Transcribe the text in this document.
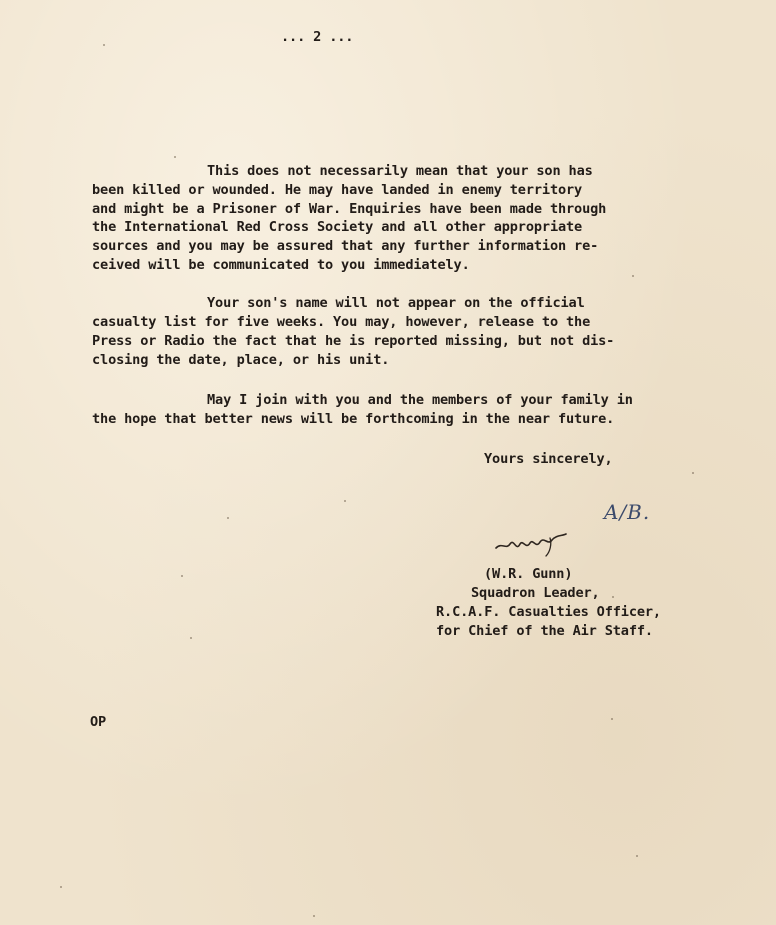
... 2 ...
This does not necessarily mean that your son has
been killed or wounded. He may have landed in enemy territory
and might be a Prisoner of War. Enquiries have been made through
the International Red Cross Society and all other appropriate
sources and you may be assured that any further information re-
ceived will be communicated to you immediately.
Your son's name will not appear on the official
casualty list for five weeks. You may, however, release to the
Press or Radio the fact that he is reported missing, but not dis-
closing the date, place, or his unit.
May I join with you and the members of your family in
the hope that better news will be forthcoming in the near future.
Yours sincerely,
A/B.
(W.R. Gunn)
Squadron Leader,
R.C.A.F. Casualties Officer,
for Chief of the Air Staff.
OP
